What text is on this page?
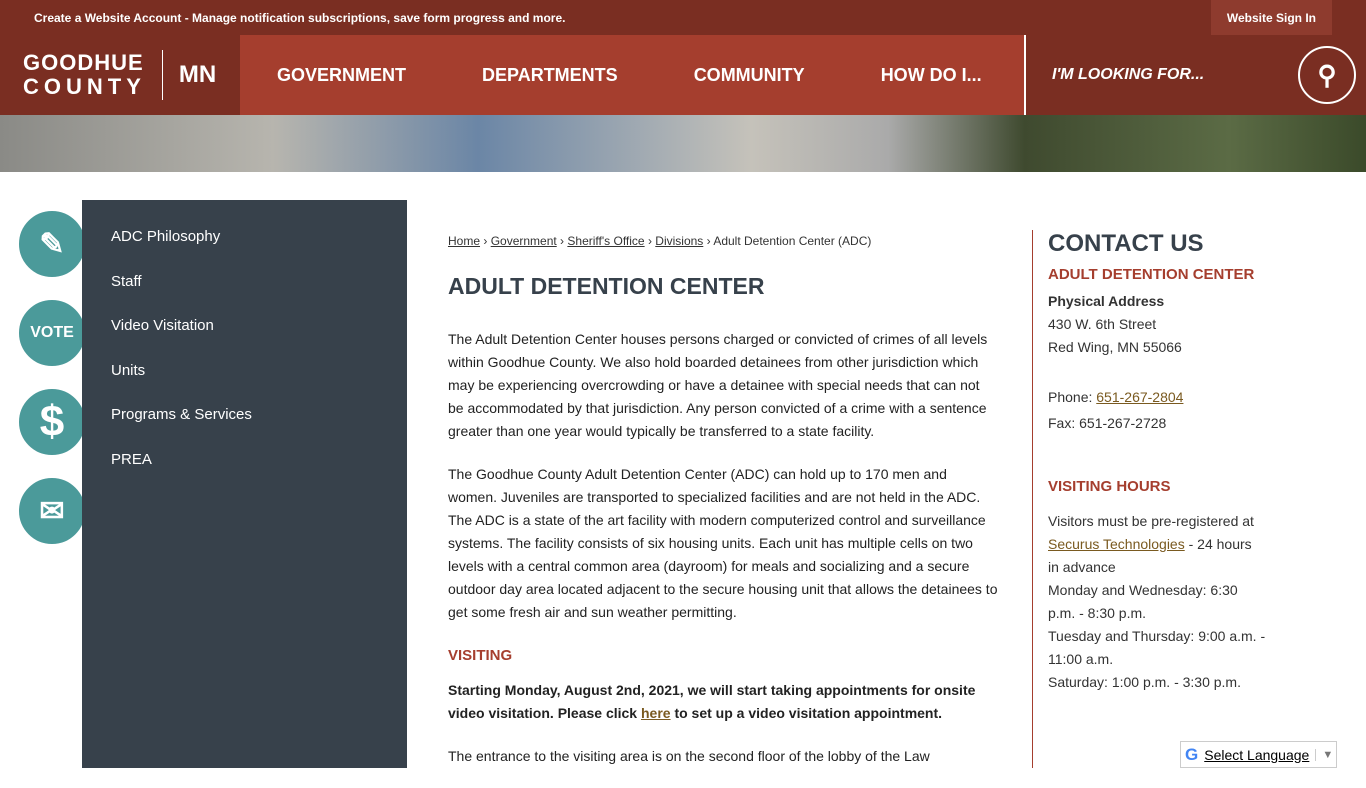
Create a Website Account - Manage notification subscriptions, save form progress and more.	Website Sign In
GOODHUE
COUNTY MN	GOVERNMENT	DEPARTMENTS	COMMUNITY	HOW DO I...	I'M LOOKING FOR...	⚲
✎
VOTE
$
✉
ADC Philosophy
Staff
Video Visitation
Units
Programs & Services
PREA
Home › Government › Sheriff's Office › Divisions › Adult Detention Center (ADC)
ADULT DETENTION CENTER

The Adult Detention Center houses persons charged or convicted of crimes of all levels within Goodhue County. We also hold boarded detainees from other jurisdiction which may be experiencing overcrowding or have a detainee with special needs that can not be accommodated by that jurisdiction. Any person convicted of a crime with a sentence greater than one year would typically be transferred to a state facility.

The Goodhue County Adult Detention Center (ADC) can hold up to 170 men and women. Juveniles are transported to specialized facilities and are not held in the ADC. The ADC is a state of the art facility with modern computerized control and surveillance systems. The facility consists of six housing units. Each unit has multiple cells on two levels with a central common area (dayroom) for meals and socializing and a secure outdoor day area located adjacent to the secure housing unit that allows the detainees to get some fresh air and sun weather permitting.

VISITING

Starting Monday, August 2nd, 2021, we will start taking appointments for onsite video visitation. Please click here to set up a video visitation appointment.

The entrance to the visiting area is on the second floor of the lobby of the Law

CONTACT US
ADULT DETENTION CENTER
Physical Address
430 W. 6th Street
Red Wing, MN 55066
Phone: 651-267-2804
Fax: 651-267-2728
VISITING HOURS
Visitors must be pre-registered at Securus Technologies - 24 hours in advance
Monday and Wednesday: 6:30 p.m. - 8:30 p.m.
Tuesday and Thursday: 9:00 a.m. - 11:00 a.m.
Saturday: 1:00 p.m. - 3:30 p.m.
G Select Language	▼
